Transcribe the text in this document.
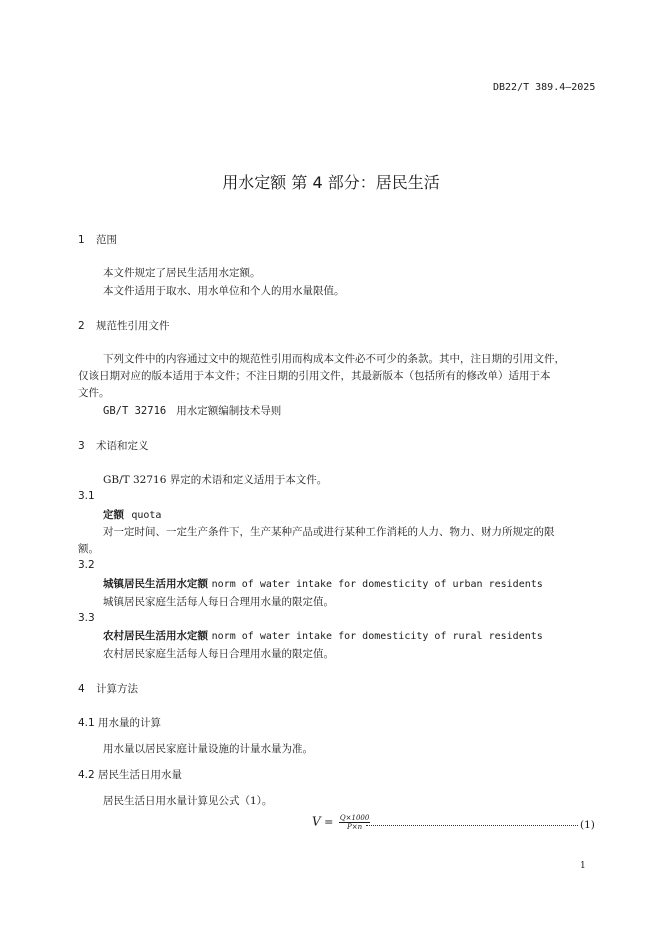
DB22/T 389.4—2025
用水定额 第 4 部分：居民生活
1 范围
本文件规定了居民生活用水定额。
本文件适用于取水、用水单位和个人的用水量限值。
2 规范性引用文件
下列文件中的内容通过文中的规范性引用而构成本文件必不可少的条款。其中，注日期的引用文件，
仅该日期对应的版本适用于本文件；不注日期的引用文件，其最新版本（包括所有的修改单）适用于本
文件。
GB/T 32716 用水定额编制技术导则
3 术语和定义
GB/T 32716 界定的术语和定义适用于本文件。
3.1
定额 quota
对一定时间、一定生产条件下，生产某种产品或进行某种工作消耗的人力、物力、财力所规定的限
额。
3.2
城镇居民生活用水定额 norm of water intake for domesticity of urban residents
城镇居民家庭生活每人每日合理用水量的限定值。
3.3
农村居民生活用水定额 norm of water intake for domesticity of rural residents
农村居民家庭生活每人每日合理用水量的限定值。
4 计算方法
4.1 用水量的计算
用水量以居民家庭计量设施的计量水量为准。
4.2 居民生活日用水量
居民生活日用水量计算见公式（1）。
$V = \frac{Q\times 1000}{P\times n}$	(1)
1
